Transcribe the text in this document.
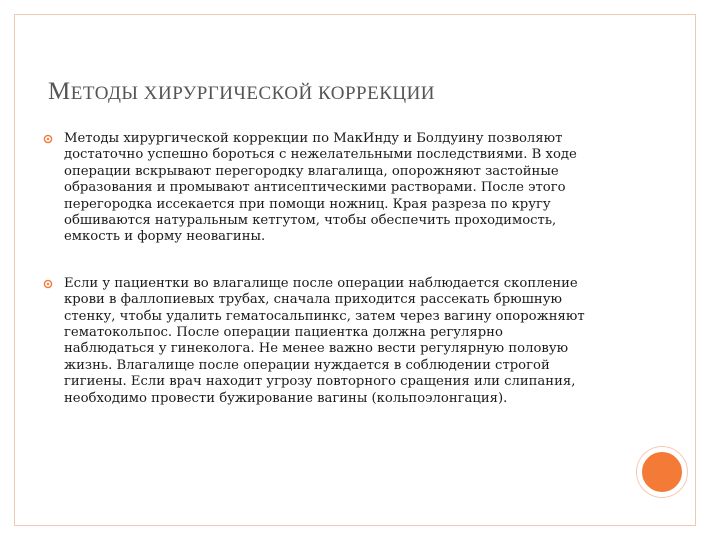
МЕТОДЫ ХИРУРГИЧЕСКОЙ КОРРЕКЦИИ
Методы хирургической коррекции по МакИнду и Болдуину позволяют
достаточно успешно бороться с нежелательными последствиями. В ходе
операции вскрывают перегородку влагалища, опорожняют застойные
образования и промывают антисептическими растворами. После этого
перегородка иссекается при помощи ножниц. Края разреза по кругу
обшиваются натуральным кетгутом, чтобы обеспечить проходимость,
емкость и форму неовагины.
Если у пациентки во влагалище после операции наблюдается скопление
крови в фаллопиевых трубах, сначала приходится рассекать брюшную
стенку, чтобы удалить гематосальпинкс, затем через вагину опорожняют
гематокольпос. После операции пациентка должна регулярно
наблюдаться у гинеколога. Не менее важно вести регулярную половую
жизнь. Влагалище после операции нуждается в соблюдении строгой
гигиены. Если врач находит угрозу повторного сращения или слипания,
необходимо провести бужирование вагины (кольпоэлонгация).
